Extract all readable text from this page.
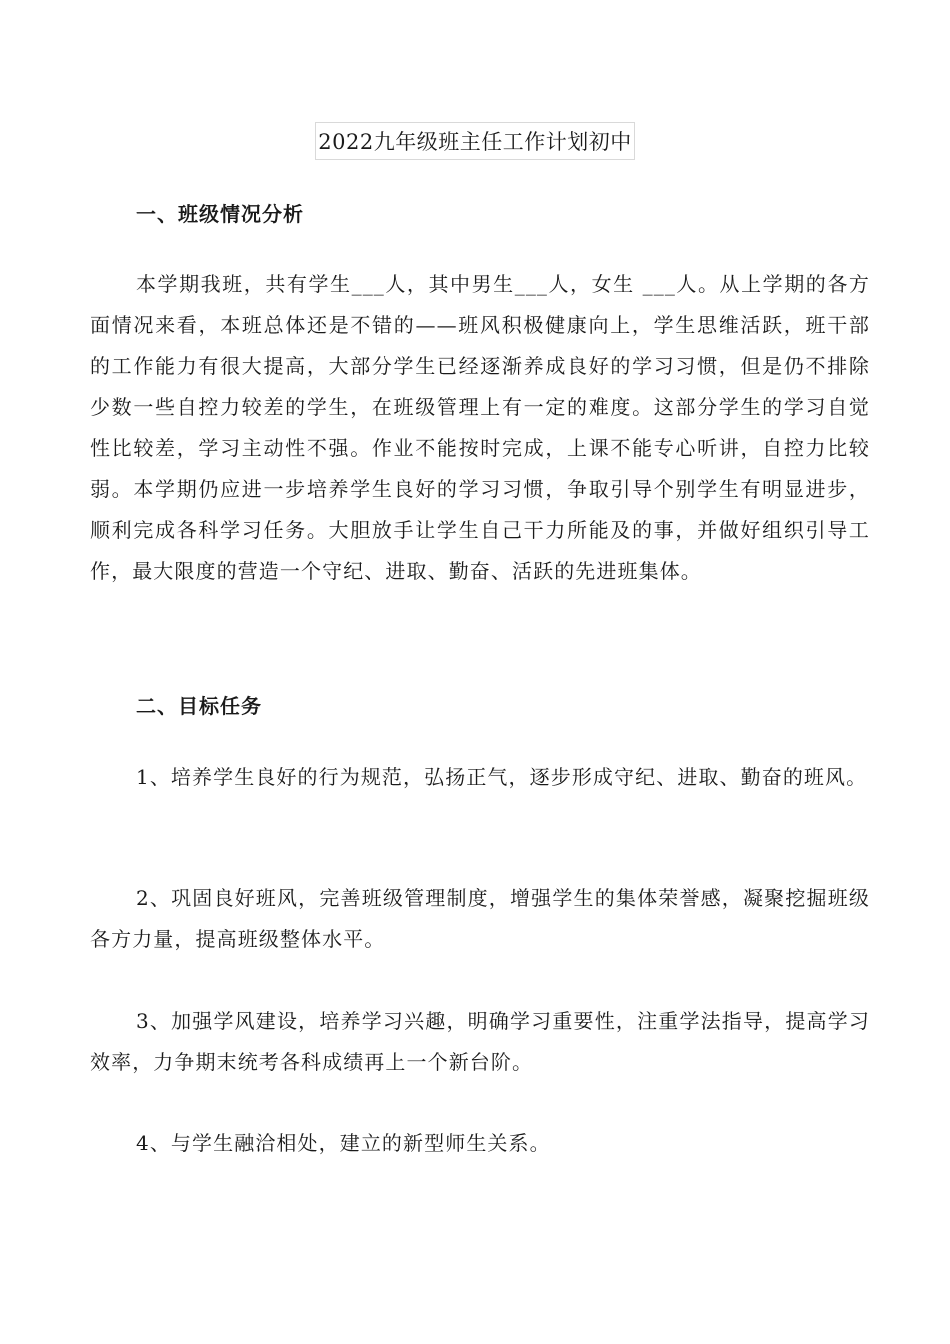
2022九年级班主任工作计划初中
一、班级情况分析
本学期我班，共有学生___人，其中男生___人，女生 ___人。从上学期的各方面情况来看，本班总体还是不错的——班风积极健康向上，学生思维活跃，班干部的工作能力有很大提高，大部分学生已经逐渐养成良好的学习习惯，但是仍不排除少数一些自控力较差的学生，在班级管理上有一定的难度。这部分学生的学习自觉性比较差，学习主动性不强。作业不能按时完成，上课不能专心听讲，自控力比较弱。本学期仍应进一步培养学生良好的学习习惯，争取引导个别学生有明显进步，顺利完成各科学习任务。大胆放手让学生自己干力所能及的事，并做好组织引导工作，最大限度的营造一个守纪、进取、勤奋、活跃的先进班集体。
二、目标任务
1、培养学生良好的行为规范，弘扬正气，逐步形成守纪、进取、勤奋的班风。
2、巩固良好班风，完善班级管理制度，增强学生的集体荣誉感，凝聚挖掘班级各方力量，提高班级整体水平。
3、加强学风建设，培养学习兴趣，明确学习重要性，注重学法指导，提高学习效率，力争期末统考各科成绩再上一个新台阶。
4、与学生融洽相处，建立的新型师生关系。
